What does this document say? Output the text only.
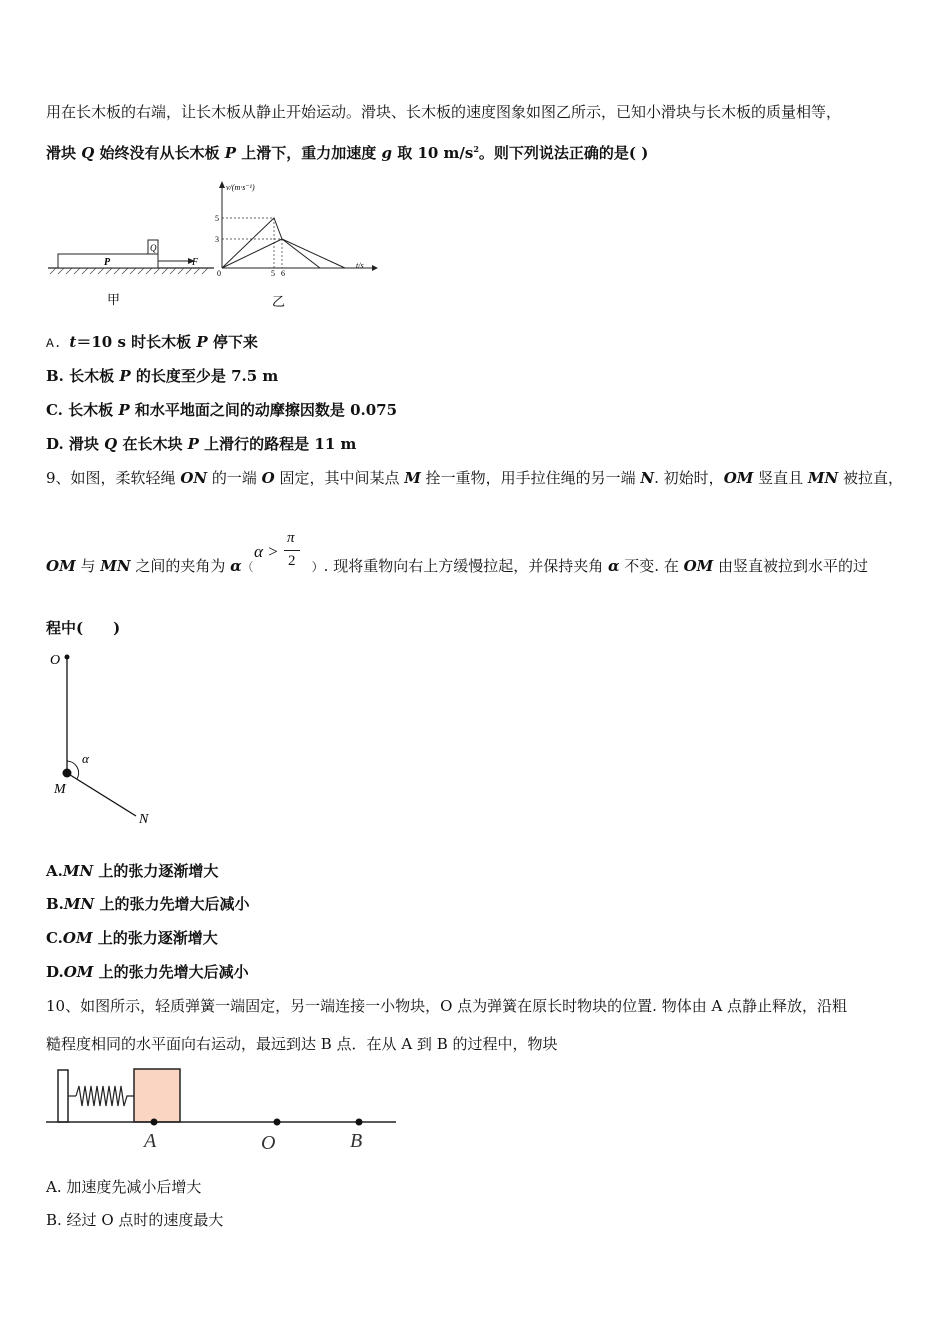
用在长木板的右端，让长木板从静止开始运动。滑块、长木板的速度图象如图乙所示，已知小滑块与长木板的质量相等，
滑块 Q 始终没有从长木板 P 上滑下，重力加速度 g 取 10 $m/s^2$。则下列说法正确的是( )
P
Q
F
甲
v/(m·s⁻¹)
t/s
0
5
3
5 6
乙
A. t＝10 s 时长木板 P 停下来
B. 长木板 P 的长度至少是 7.5 m
C. 长木板 P 和水平地面之间的动摩擦因数是 0.075
D. 滑块 Q 在长木块 P 上滑行的路程是 11 m
9、如图，柔软轻绳 ON 的一端 O 固定，其中间某点 M 拴一重物，用手拉住绳的另一端 N. 初始时，OM 竖直且 MN 被拉直，
OM 与 MN 之间的夹角为 α（	）. 现将重物向右上方缓慢拉起，并保持夹角 α 不变. 在 OM 由竖直被拉到水平的过
α >
π
2
程中(　　)
O
α
M
N
A.MN 上的张力逐渐增大
B.MN 上的张力先增大后减小
C.OM 上的张力逐渐增大
D.OM 上的张力先增大后减小
10、如图所示，轻质弹簧一端固定，另一端连接一小物块，O 点为弹簧在原长时物块的位置. 物体由 A 点静止释放，沿粗
糙程度相同的水平面向右运动，最远到达 B 点．在从 A 到 B 的过程中，物块
A	O	B
A. 加速度先减小后增大
B. 经过 O 点时的速度最大
